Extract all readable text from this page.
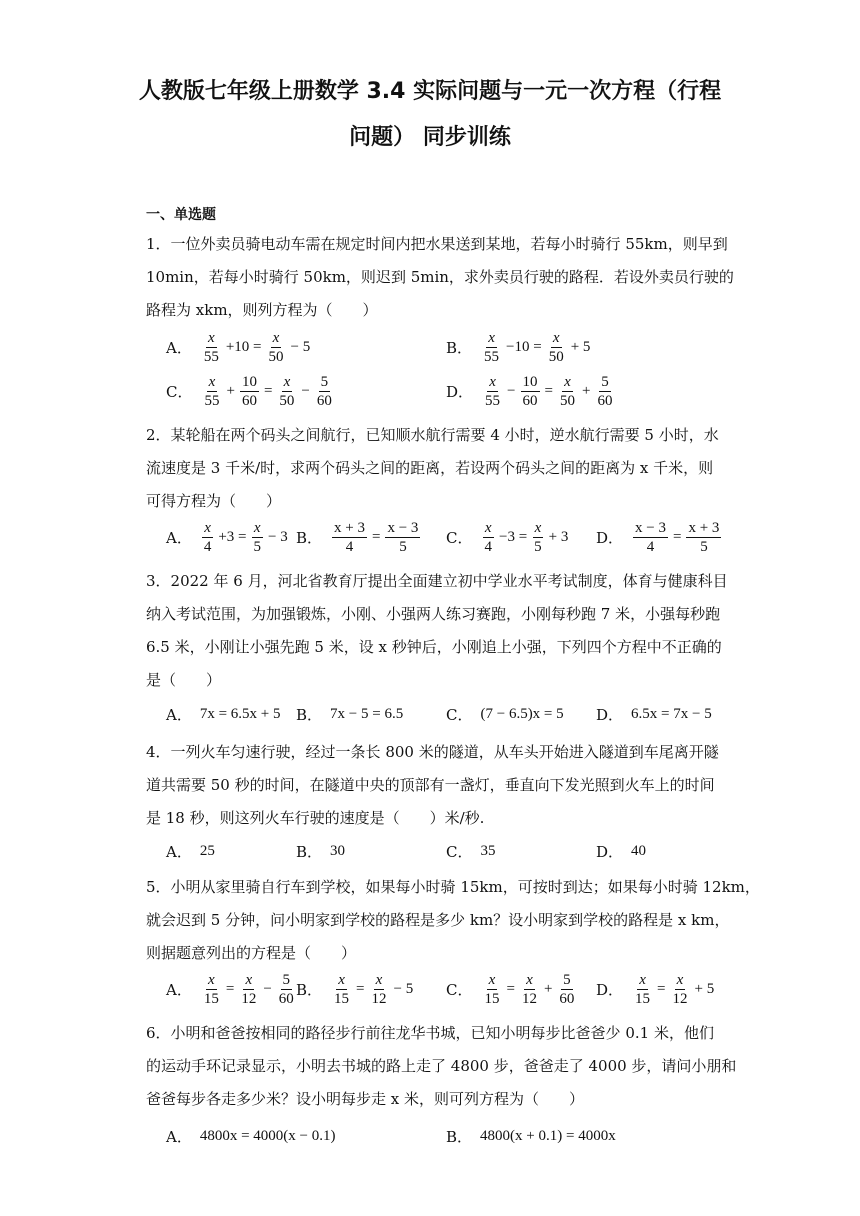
人教版七年级上册数学 3.4 实际问题与一元一次方程（行程
问题） 同步训练
一、单选题
1．一位外卖员骑电动车需在规定时间内把水果送到某地，若每小时骑行 55km，则早到
10min，若每小时骑行 50km，则迟到 5min，求外卖员行驶的路程．若设外卖员行驶的
路程为 xkm，则列方程为（　　）
A． $\frac{x}{55} +10 = \frac{x}{50} - 5$	B． $\frac{x}{55} -10 = \frac{x}{50} + 5$
C． $\frac{x}{55} + \frac{10}{60} = \frac{x}{50} - \frac{5}{60}$	D． $\frac{x}{55} - \frac{10}{60} = \frac{x}{50} + \frac{5}{60}$
2．某轮船在两个码头之间航行，已知顺水航行需要 4 小时，逆水航行需要 5 小时，水
流速度是 3 千米/时，求两个码头之间的距离，若设两个码头之间的距离为 x 千米，则
可得方程为（　　）
A． $\frac{x}{4} +3 = \frac{x}{5} - 3$ B． $\frac{x + 3}{4} = \frac{x - 3}{5}$ C． $\frac{x}{4} -3 = \frac{x}{5} + 3$ D． $\frac{x - 3}{4} = \frac{x + 3}{5}$
3．2022 年 6 月，河北省教育厅提出全面建立初中学业水平考试制度，体育与健康科目
纳入考试范围，为加强锻炼，小刚、小强两人练习赛跑，小刚每秒跑 7 米，小强每秒跑
6.5 米，小刚让小强先跑 5 米，设 x 秒钟后，小刚追上小强，下列四个方程中不正确的
是（　　）
A． 7x = 6.5x + 5 B． 7x − 5 = 6.5	C． (7 − 6.5)x = 5 D． 6.5x = 7x − 5
4．一列火车匀速行驶，经过一条长 800 米的隧道，从车头开始进入隧道到车尾离开隧
道共需要 50 秒的时间，在隧道中央的顶部有一盏灯，垂直向下发光照到火车上的时间
是 18 秒，则这列火车行驶的速度是（　　）米/秒.
A． 25	B． 30	C． 35	D． 40
5．小明从家里骑自行车到学校，如果每小时骑 15km，可按时到达；如果每小时骑 12km，
就会迟到 5 分钟，问小明家到学校的路程是多少 km？设小明家到学校的路程是 x km，
则据题意列出的方程是（　　）
A． $\frac{x}{15} = \frac{x}{12} - \frac{5}{60}$ B． $\frac{x}{15} = \frac{x}{12} - 5$ C． $\frac{x}{15} = \frac{x}{12} + \frac{5}{60}$ D． $\frac{x}{15} = \frac{x}{12} + 5$
6．小明和爸爸按相同的路径步行前往龙华书城，已知小明每步比爸爸少 0.1 米，他们
的运动手环记录显示，小明去书城的路上走了 4800 步，爸爸走了 4000 步，请问小朋和
爸爸每步各走多少米？设小明每步走 x 米，则可列方程为（　　）
A． 4800x = 4000(x − 0.1)	B． 4800(x + 0.1) = 4000x
